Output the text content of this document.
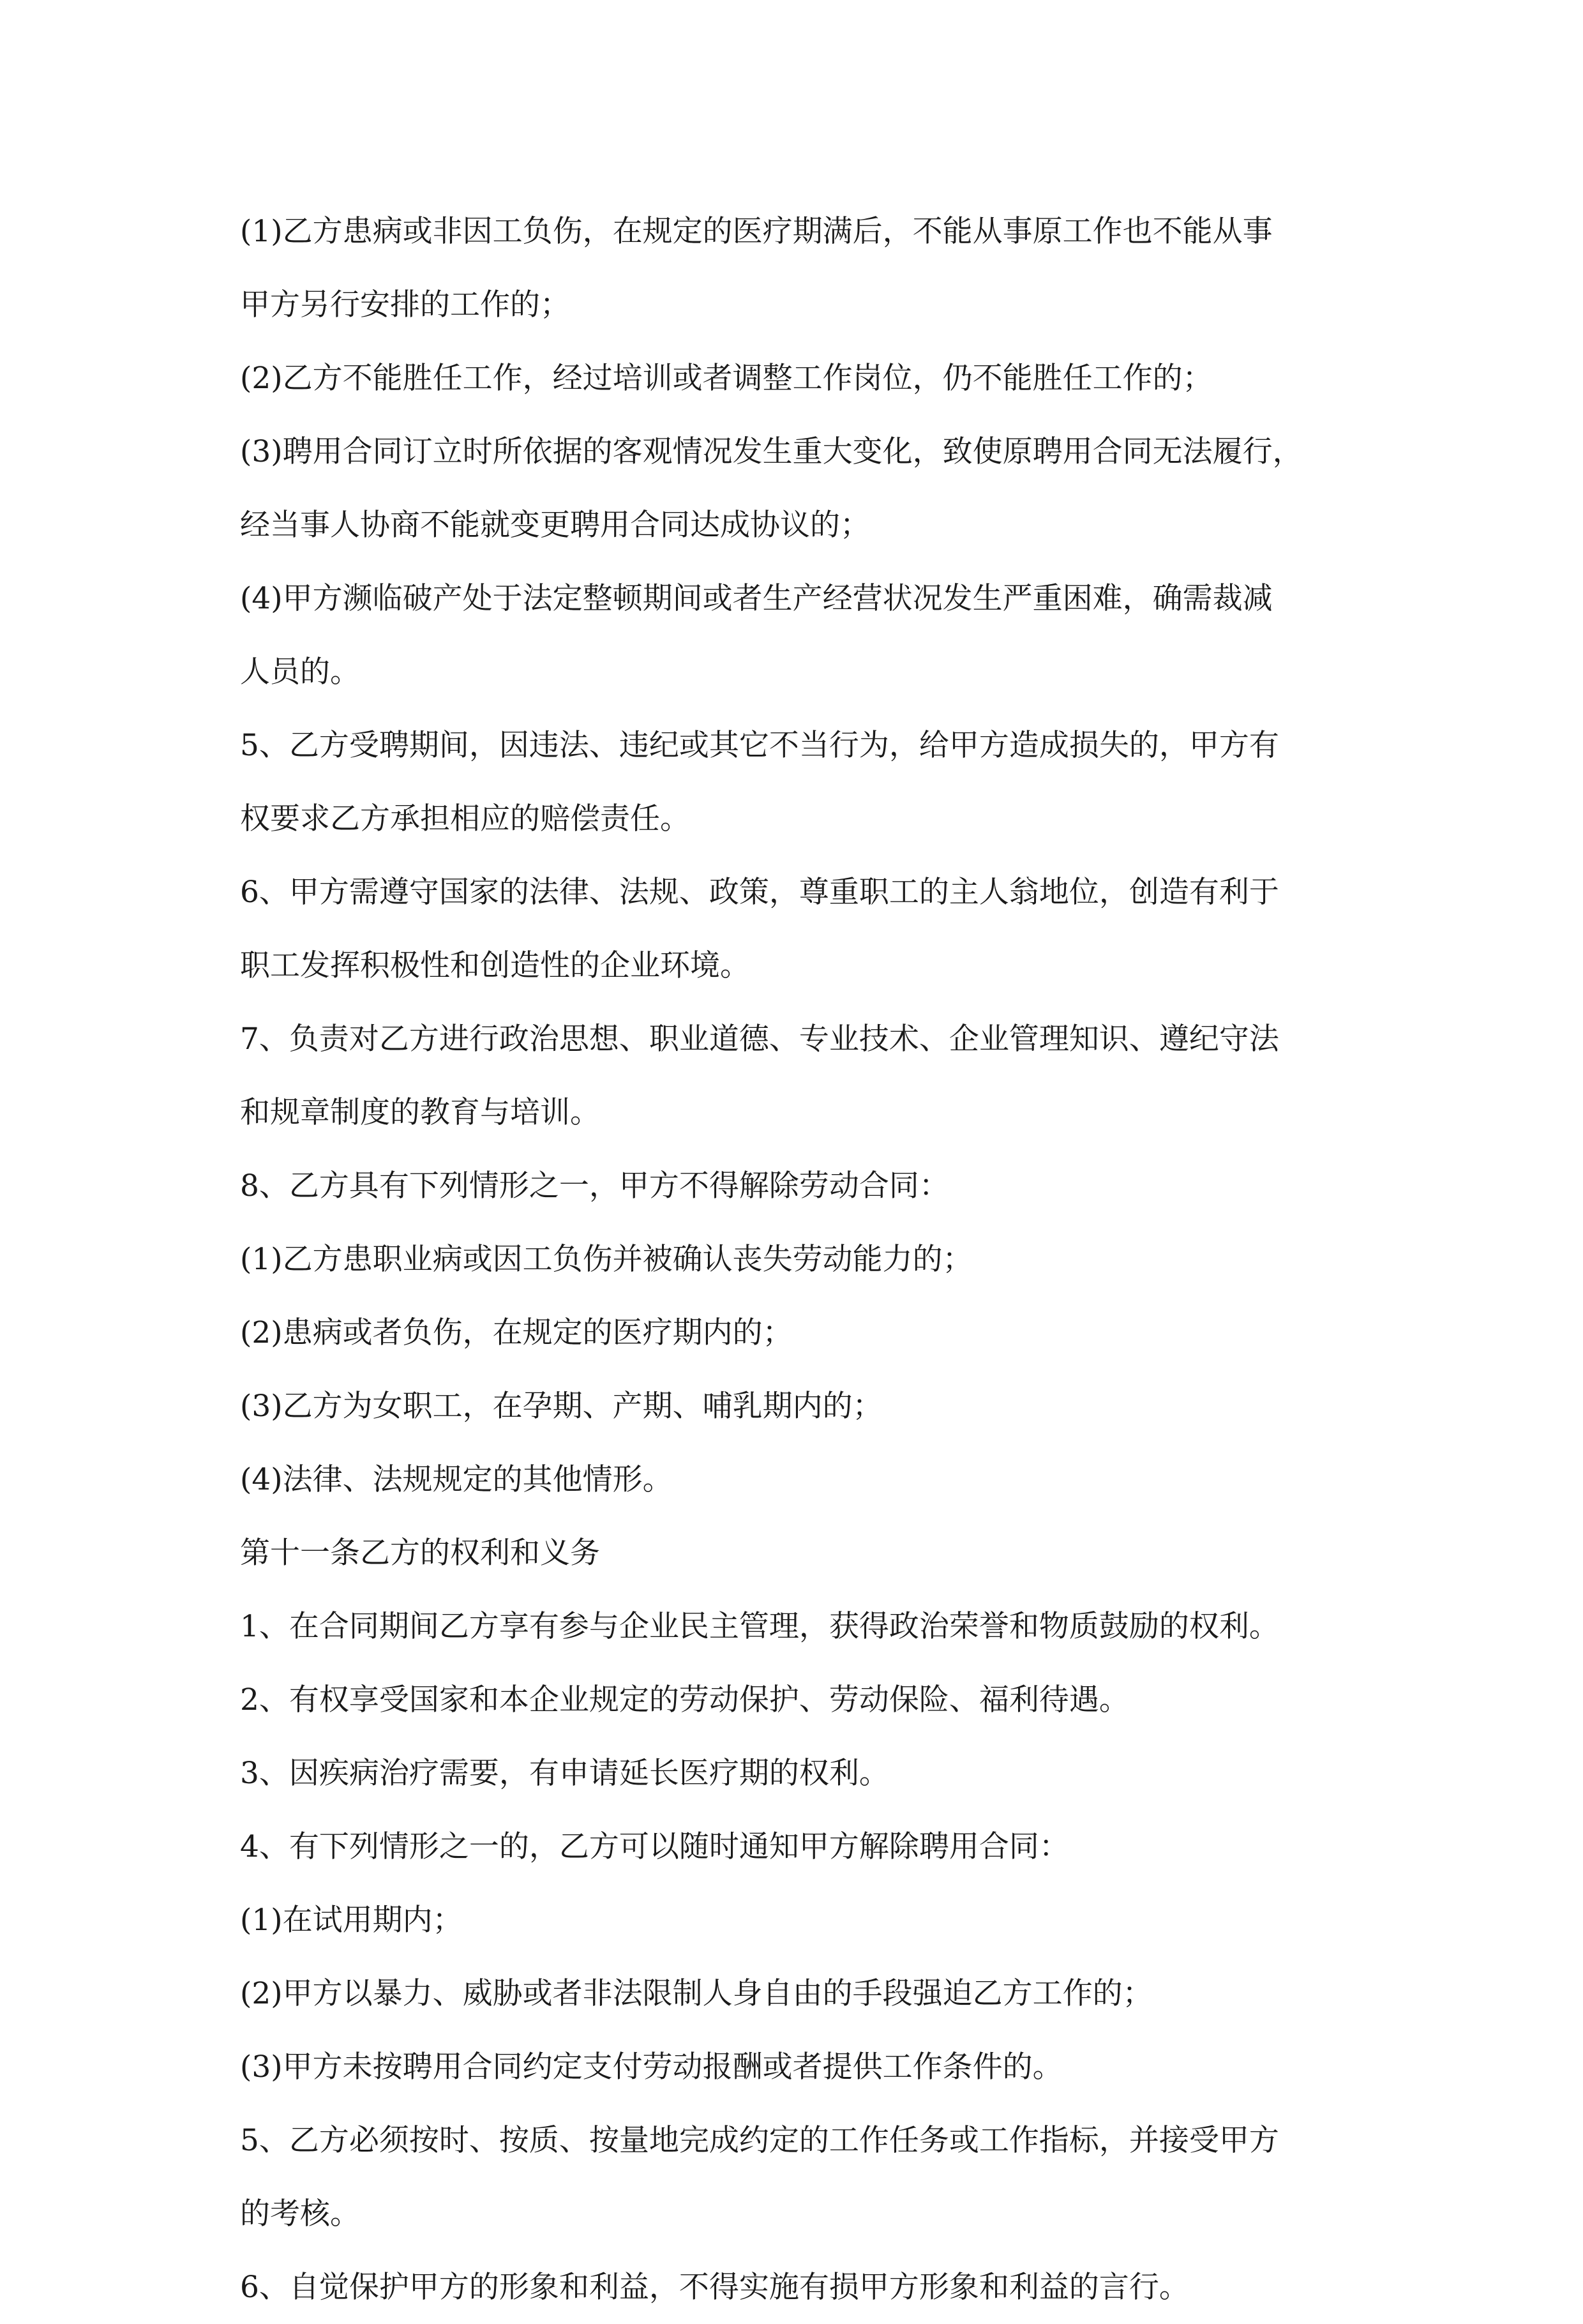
(1)乙方患病或非因工负伤，在规定的医疗期满后，不能从事原工作也不能从事
甲方另行安排的工作的；
(2)乙方不能胜任工作，经过培训或者调整工作岗位，仍不能胜任工作的；
(3)聘用合同订立时所依据的客观情况发生重大变化，致使原聘用合同无法履行，
经当事人协商不能就变更聘用合同达成协议的；
(4)甲方濒临破产处于法定整顿期间或者生产经营状况发生严重困难，确需裁减
人员的。
5、乙方受聘期间，因违法、违纪或其它不当行为，给甲方造成损失的，甲方有
权要求乙方承担相应的赔偿责任。
6、甲方需遵守国家的法律、法规、政策，尊重职工的主人翁地位，创造有利于
职工发挥积极性和创造性的企业环境。
7、负责对乙方进行政治思想、职业道德、专业技术、企业管理知识、遵纪守法
和规章制度的教育与培训。
8、乙方具有下列情形之一，甲方不得解除劳动合同：
(1)乙方患职业病或因工负伤并被确认丧失劳动能力的；
(2)患病或者负伤，在规定的医疗期内的；
(3)乙方为女职工，在孕期、产期、哺乳期内的；
(4)法律、法规规定的其他情形。
第十一条乙方的权利和义务
1、在合同期间乙方享有参与企业民主管理，获得政治荣誉和物质鼓励的权利。
2、有权享受国家和本企业规定的劳动保护、劳动保险、福利待遇。
3、因疾病治疗需要，有申请延长医疗期的权利。
4、有下列情形之一的，乙方可以随时通知甲方解除聘用合同：
(1)在试用期内；
(2)甲方以暴力、威胁或者非法限制人身自由的手段强迫乙方工作的；
(3)甲方未按聘用合同约定支付劳动报酬或者提供工作条件的。
5、乙方必须按时、按质、按量地完成约定的工作任务或工作指标，并接受甲方
的考核。
6、自觉保护甲方的形象和利益，不得实施有损甲方形象和利益的言行。
